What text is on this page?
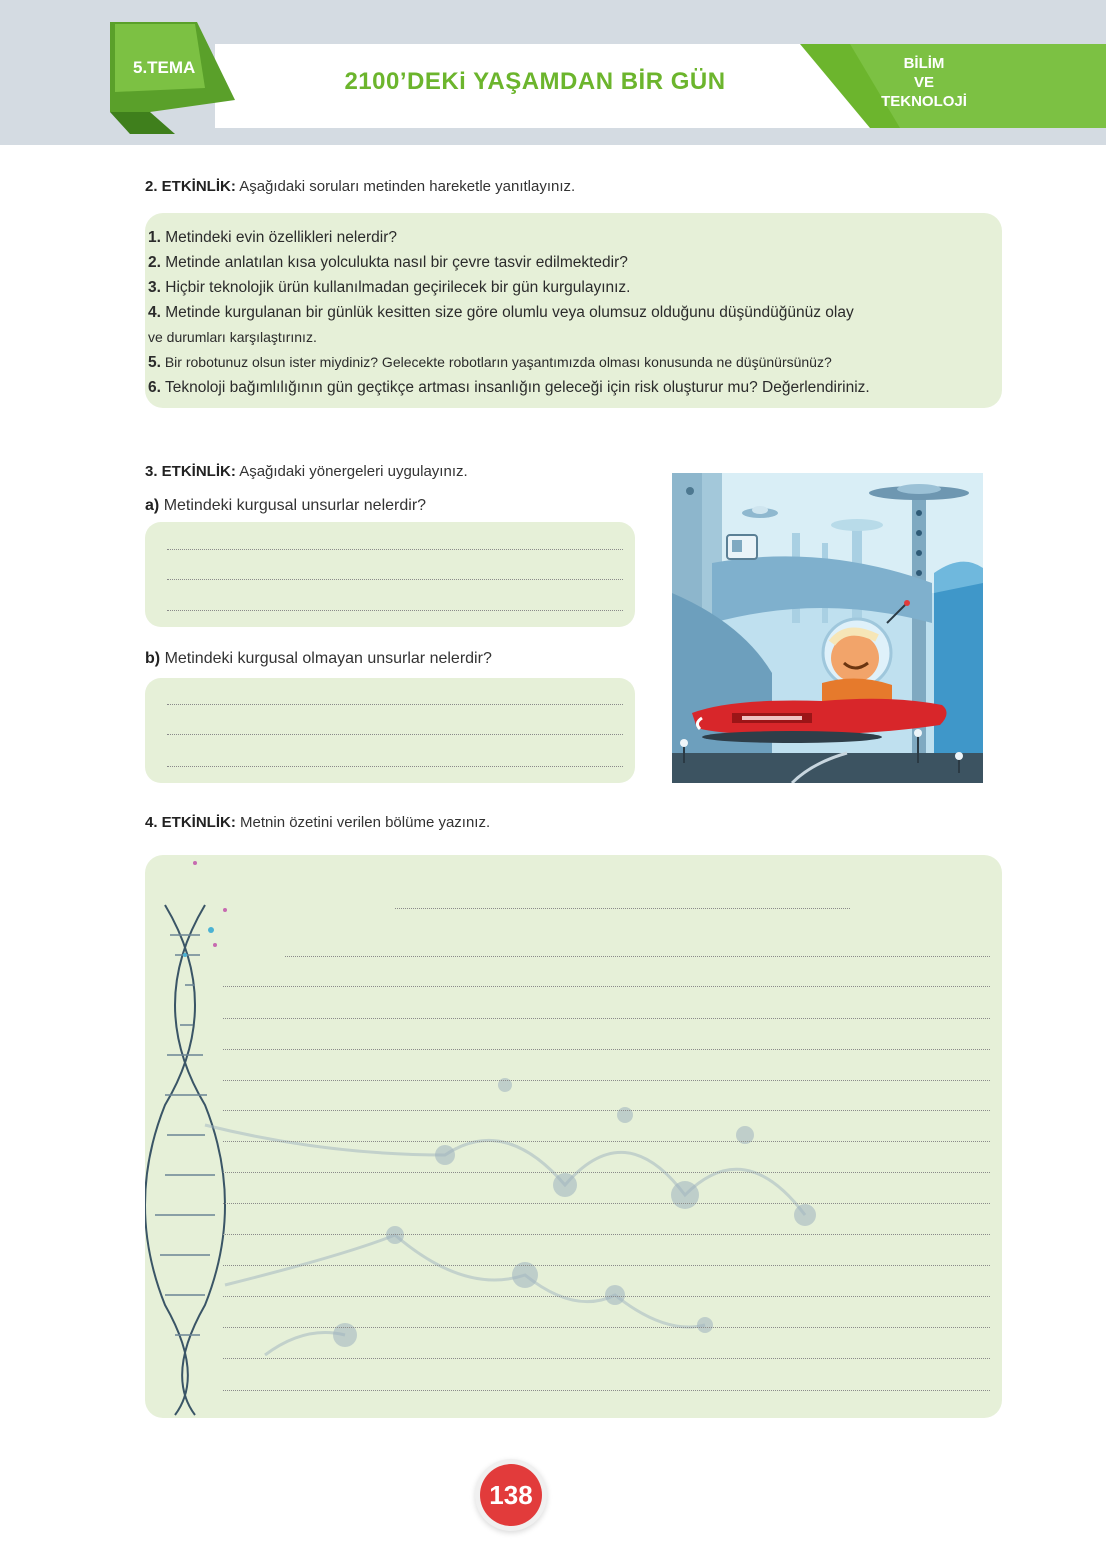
5.TEMA
2100’DEKi YAŞAMDAN BİR GÜN
BİLİM
VE
TEKNOLOJİ
2. ETKİNLİK: Aşağıdaki soruları metinden hareketle yanıtlayınız.
1. Metindeki evin özellikleri nelerdir?
2. Metinde anlatılan kısa yolculukta nasıl bir çevre tasvir edilmektedir?
3. Hiçbir teknolojik ürün kullanılmadan geçirilecek bir gün kurgulayınız.
4. Metinde kurgulanan bir günlük kesitten size göre olumlu veya olumsuz olduğunu düşündüğünüz olay
ve durumları karşılaştırınız.
5. Bir robotunuz olsun ister miydiniz? Gelecekte robotların yaşantımızda olması konusunda ne düşünürsünüz?
6. Teknoloji bağımlılığının gün geçtikçe artması insanlığın geleceği için risk oluşturur mu? Değerlendiriniz.
3. ETKİNLİK: Aşağıdaki yönergeleri uygulayınız.
a) Metindeki kurgusal unsurlar nelerdir?
b) Metindeki kurgusal olmayan unsurlar nelerdir?
4. ETKİNLİK: Metnin özetini verilen bölüme yazınız.
138
